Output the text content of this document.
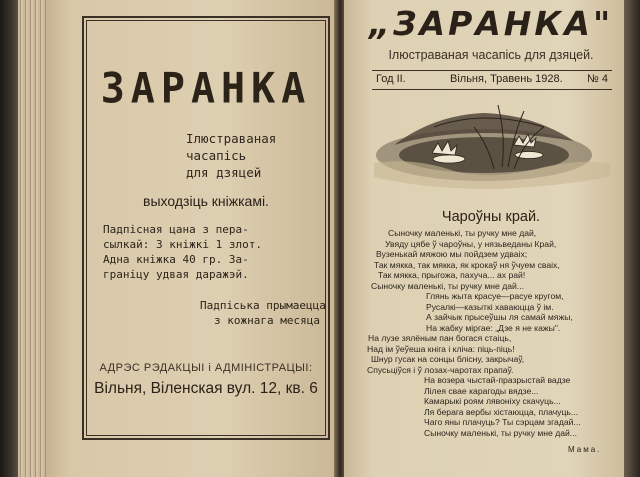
ЗАРАНКА
Ілюстраваная
часапісь
для дзяцей
выходзіць кніжкамі.
Падпісная цана з перa-
сылкай: 3 кніжкі 1 злот.
Адна кніжка 40 гр. За-
граніцу удвая даражэй.
Падпіська прымаецца
з кожнага месяца
АДРЭС РЭДАКЦЫІ і АДМІНІСТРАЦЫІ:
Вільня, Віленская вул. 12, кв. 6
„ЗАРАНКА"
Ілюстраваная часапісь для дзяцей.
Год II.	Вільня, Травень 1928. № 4
Чароўны край.
Сыночку маленькі, ты ручку мне дай,
Увяду цябе ў чароўны, у нязьведаны Край,
Вузенькай мяжою мы пойдзем удваіх;
Так мякка, так мякка, як крокаў ня ўчуем сваіх,
Так мякка, прыгожа, пахуча... ах рай!
Сыночку маленькі, ты ручку мне дай...
Глянь жыта красуе—расуе кругом,
Русалкі—казыткі хаваюцца ў ім.
А зайчык прысеўшы ля самай мяжы,
На жабку міргае: „Дзе я не кажы".
На лузе зялёным пан богася стаіць,
Над ім ўеўеша кніга і кліча: піць-піць!
Шнур гусак на сонцы блісну, закрычаў,
Спусьціўся і ў лозах-чаротах прапаў.
На возера чыстай-празрыстай вадзе
Лілея свае карагоды вядзе...
Камарыкі роям лявоніху скачуць...
Ля берага вербы хістаюцца, плачуць...
Чаго яны плачуць? Ты сэрцам згадай...
Сыночку маленькі, ты ручку мне дай...
Мама.
